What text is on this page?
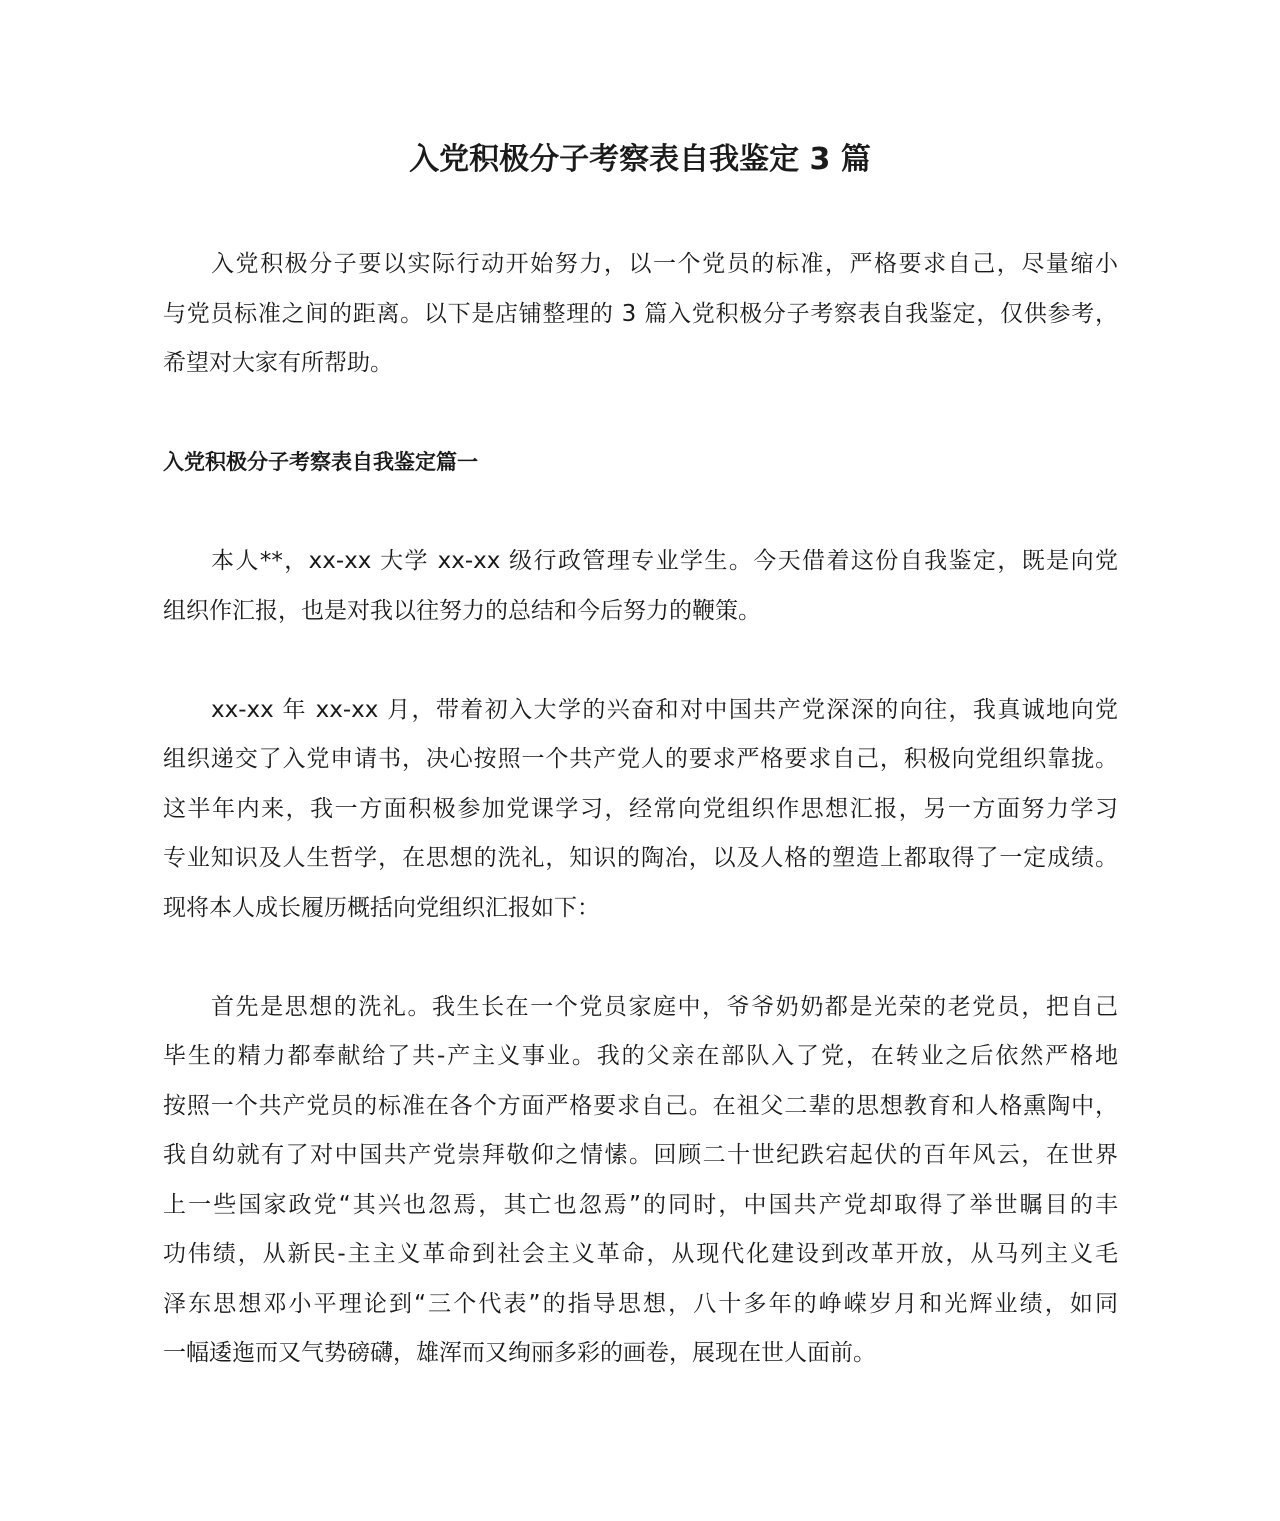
入党积极分子考察表自我鉴定 3 篇
入党积极分子要以实际行动开始努力，以一个党员的标准，严格要求自己，尽量缩小
与党员标准之间的距离。以下是店铺整理的 3 篇入党积极分子考察表自我鉴定，仅供参考，
希望对大家有所帮助。
入党积极分子考察表自我鉴定篇一
本人**，xx-xx 大学 xx-xx 级行政管理专业学生。今天借着这份自我鉴定，既是向党
组织作汇报，也是对我以往努力的总结和今后努力的鞭策。
xx-xx 年 xx-xx 月，带着初入大学的兴奋和对中国共产党深深的向往，我真诚地向党
组织递交了入党申请书，决心按照一个共产党人的要求严格要求自己，积极向党组织靠拢。
这半年内来，我一方面积极参加党课学习，经常向党组织作思想汇报，另一方面努力学习
专业知识及人生哲学，在思想的洗礼，知识的陶冶，以及人格的塑造上都取得了一定成绩。
现将本人成长履历概括向党组织汇报如下：
首先是思想的洗礼。我生长在一个党员家庭中，爷爷奶奶都是光荣的老党员，把自己
毕生的精力都奉献给了共-产主义事业。我的父亲在部队入了党，在转业之后依然严格地
按照一个共产党员的标准在各个方面严格要求自己。在祖父二辈的思想教育和人格熏陶中，
我自幼就有了对中国共产党崇拜敬仰之情愫。回顾二十世纪跌宕起伏的百年风云，在世界
上一些国家政党“其兴也忽焉，其亡也忽焉”的同时，中国共产党却取得了举世瞩目的丰
功伟绩，从新民-主主义革命到社会主义革命，从现代化建设到改革开放，从马列主义毛
泽东思想邓小平理论到“三个代表”的指导思想，八十多年的峥嵘岁月和光辉业绩，如同
一幅逶迤而又气势磅礴，雄浑而又绚丽多彩的画卷，展现在世人面前。
